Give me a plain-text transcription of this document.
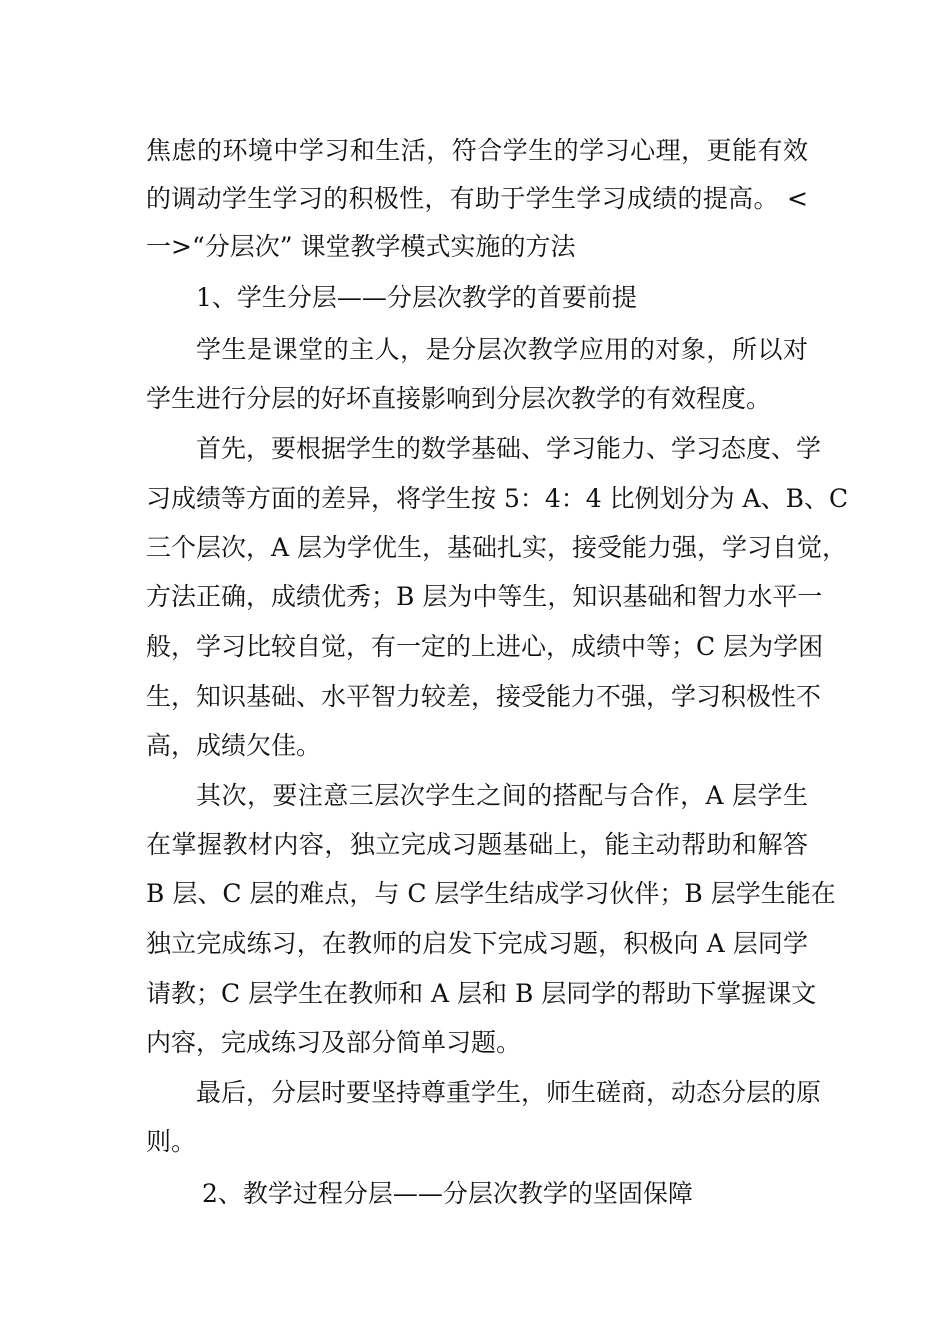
焦虑的环境中学习和生活，符合学生的学习心理，更能有效
的调动学生学习的积极性，有助于学生学习成绩的提高。 <
一>“分层次” 课堂教学模式实施的方法
1、学生分层——分层次教学的首要前提
学生是课堂的主人，是分层次教学应用的对象，所以对
学生进行分层的好坏直接影响到分层次教学的有效程度。
首先，要根据学生的数学基础、学习能力、学习态度、学
习成绩等方面的差异，将学生按 5：4：4 比例划分为 A、B、C
三个层次，A 层为学优生，基础扎实，接受能力强，学习自觉，
方法正确，成绩优秀；B 层为中等生，知识基础和智力水平一
般，学习比较自觉，有一定的上进心，成绩中等；C 层为学困
生，知识基础、水平智力较差，接受能力不强，学习积极性不
高，成绩欠佳。
其次，要注意三层次学生之间的搭配与合作，A 层学生
在掌握教材内容，独立完成习题基础上，能主动帮助和解答
B 层、C 层的难点，与 C 层学生结成学习伙伴；B 层学生能在
独立完成练习，在教师的启发下完成习题，积极向 A 层同学
请教；C 层学生在教师和 A 层和 B 层同学的帮助下掌握课文
内容，完成练习及部分简单习题。
最后，分层时要坚持尊重学生，师生磋商，动态分层的原
则。
2、教学过程分层——分层次教学的坚固保障
